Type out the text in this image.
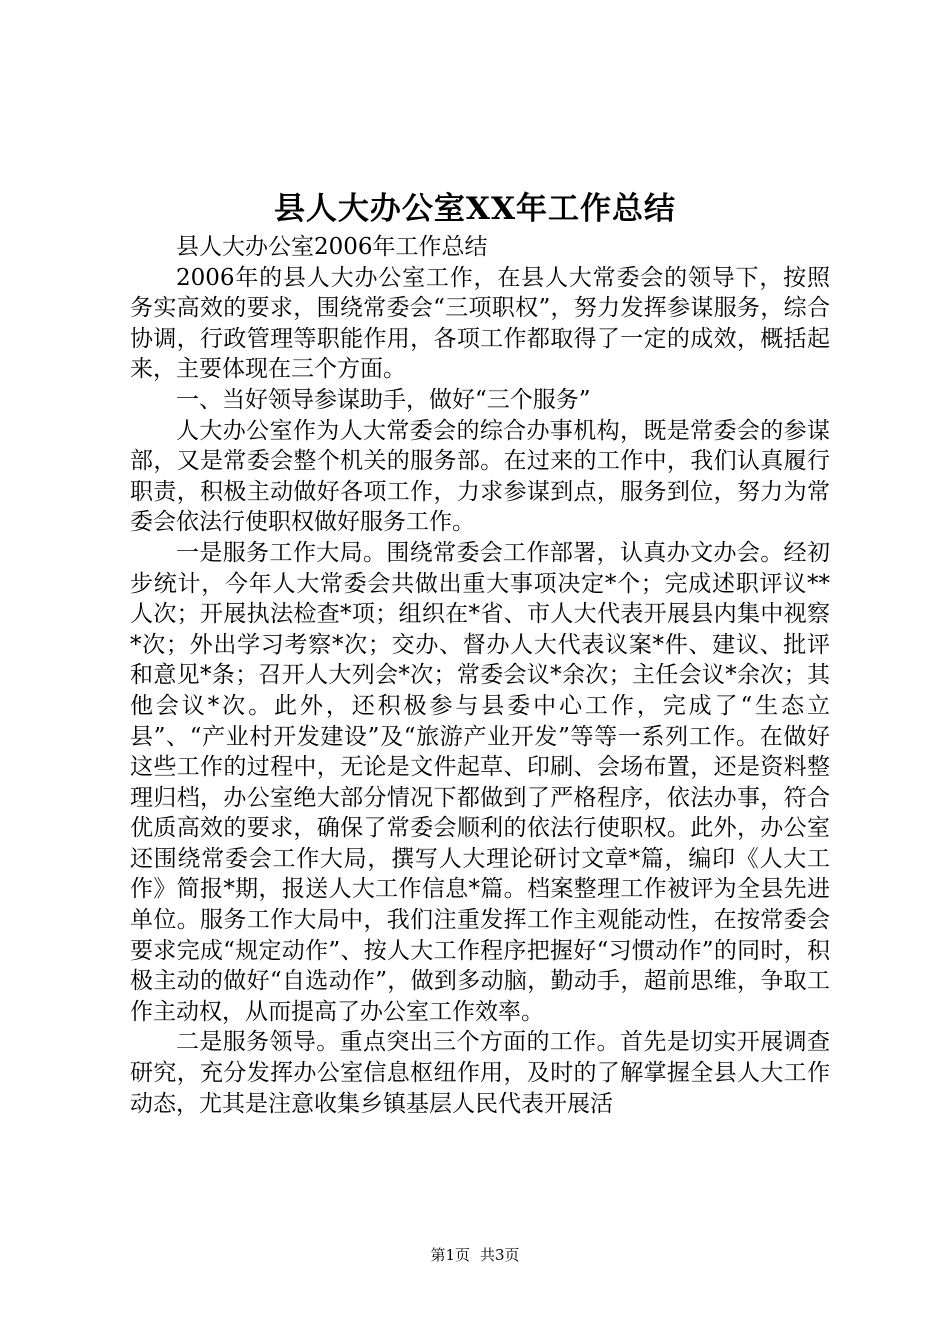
县人大办公室XX年工作总结

县人大办公室2006年工作总结

2006年的县人大办公室工作，在县人大常委会的领导下，按照务实高效的要求，围绕常委会“三项职权”，努力发挥参谋服务，综合协调，行政管理等职能作用，各项工作都取得了一定的成效，概括起来，主要体现在三个方面。

一、当好领导参谋助手，做好“三个服务”

人大办公室作为人大常委会的综合办事机构，既是常委会的参谋部，又是常委会整个机关的服务部。在过来的工作中，我们认真履行职责，积极主动做好各项工作，力求参谋到点，服务到位，努力为常委会依法行使职权做好服务工作。

一是服务工作大局。围绕常委会工作部署，认真办文办会。经初步统计，今年人大常委会共做出重大事项决定*个；完成述职评议**人次；开展执法检查*项；组织在*省、市人大代表开展县内集中视察*次；外出学习考察*次；交办、督办人大代表议案*件、建议、批评和意见*条；召开人大列会*次；常委会议*余次；主任会议*余次；其他会议*次。此外，还积极参与县委中心工作，完成了“生态立县”、“产业村开发建设”及“旅游产业开发”等等一系列工作。在做好这些工作的过程中，无论是文件起草、印刷、会场布置，还是资料整理归档，办公室绝大部分情况下都做到了严格程序，依法办事，符合优质高效的要求，确保了常委会顺利的依法行使职权。此外，办公室还围绕常委会工作大局，撰写人大理论研讨文章*篇，编印《人大工作》简报*期，报送人大工作信息*篇。档案整理工作被评为全县先进单位。服务工作大局中，我们注重发挥工作主观能动性，在按常委会要求完成“规定动作”、按人大工作程序把握好“习惯动作”的同时，积极主动的做好“自选动作”，做到多动脑，勤动手，超前思维，争取工作主动权，从而提高了办公室工作效率。

二是服务领导。重点突出三个方面的工作。首先是切实开展调查研究，充分发挥办公室信息枢纽作用，及时的了解掌握全县人大工作动态，尤其是注意收集乡镇基层人民代表开展活

第1页 共3页
